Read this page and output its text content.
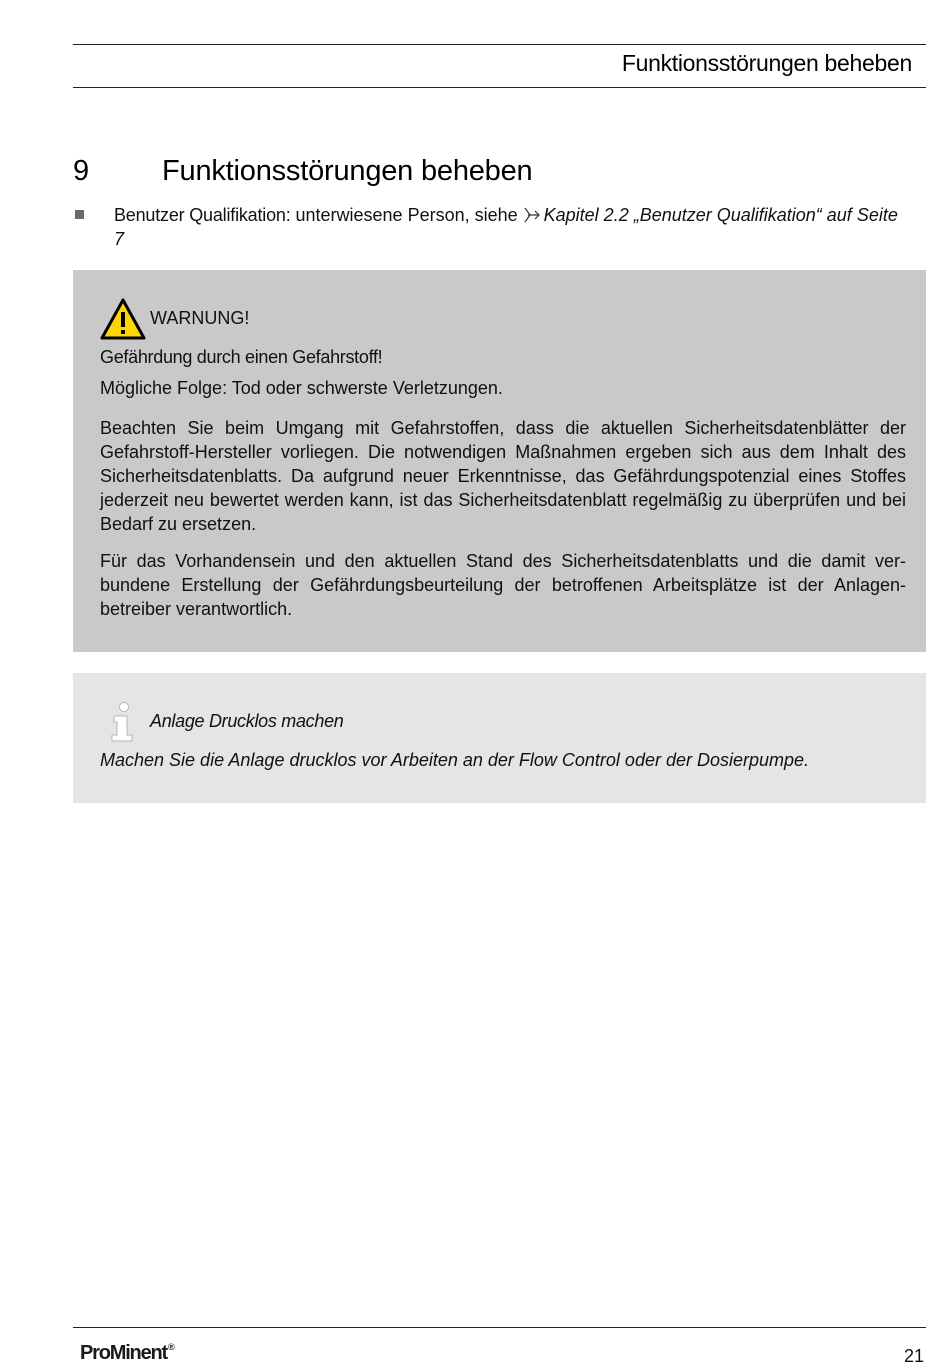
Funktionsstörungen beheben
9	Funktionsstörungen beheben
Benutzer Qualifikation: unterwiesene Person, siehe Kapitel 2.2 „Benutzer Qualifikation“ auf Seite 7
WARNUNG!
Gefährdung durch einen Gefahrstoff!
Mögliche Folge: Tod oder schwerste Verletzungen.
Beachten Sie beim Umgang mit Gefahrstoffen, dass die aktuellen Sicherheitsdatenblätter der Gefahrstoff-Hersteller vorliegen. Die notwendigen Maßnahmen ergeben sich aus dem Inhalt des Sicherheitsdatenblatts. Da aufgrund neuer Erkenntnisse, das Gefährdungspotenzial eines Stoffes jederzeit neu bewertet werden kann, ist das Sicherheitsdatenblatt regelmäßig zu überprüfen und bei Bedarf zu ersetzen.
Für das Vorhandensein und den aktuellen Stand des Sicherheitsdatenblatts und die damit verbundene Erstellung der Gefährdungsbeurteilung der betroffenen Arbeitsplätze ist der Anlagenbetreiber verantwortlich.
Anlage Drucklos machen
Machen Sie die Anlage drucklos vor Arbeiten an der Flow Control oder der Dosierpumpe.
ProMinent®	21
